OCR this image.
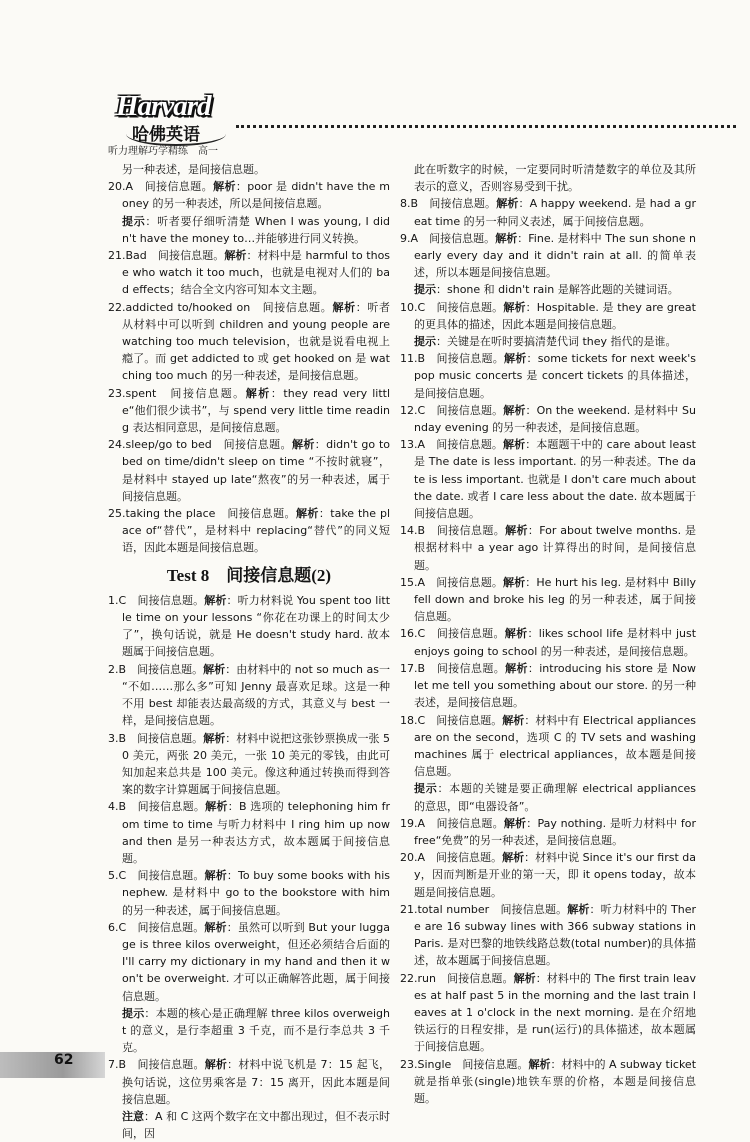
Harvard
哈佛英语
听力理解巧学精练　高一

另一种表述，是间接信息题。

20.A　 间接信息题。解析：poor 是 didn't have the money 的另一种表述，所以是间接信息题。

提示：听者要仔细听清楚 When I was young, I didn't have the money to…并能够进行同义转换。

21.Bad　 间接信息题。解析：材料中是 harmful to those who watch it too much，也就是电视对人们的 bad effects；结合全文内容可知本文主题。

22.addicted to/hooked on　 间接信息题。解析：听者从材料中可以听到 children and young people are watching too much television，也就是说看电视上瘾了。而 get addicted to 或 get hooked on 是 watching too much 的另一种表述，是间接信息题。

23.spent　 间接信息题。解析：they read very little“他们很少读书”，与 spend very little time reading 表达相同意思，是间接信息题。

24.sleep/go to bed　 间接信息题。解析：didn't go to bed on time/didn't sleep on time “不按时就寝”，是材料中 stayed up late“熬夜”的另一种表述，属于间接信息题。

25.taking the place　 间接信息题。解析：take the place of“替代”，是材料中 replacing“替代”的同义短语，因此本题是间接信息题。

Test 8　间接信息题(2)

1.C　 间接信息题。解析：听力材料说 You spent too little time on your lessons “你花在功课上的时间太少了”，换句话说，就是 He doesn't study hard. 故本题属于间接信息题。

2.B　 间接信息题。解析：由材料中的 not so much as一 “不如……那么多”可知 Jenny 最喜欢足球。这是一种不用 best 却能表达最高级的方式，其意义与 best 一样，是间接信息题。

3.B　 间接信息题。解析：材料中说把这张钞票换成一张 50 美元，两张 20 美元，一张 10 美元的零钱，由此可知加起来总共是 100 美元。像这种通过转换而得到答案的数字计算题属于间接信息题。

4.B　 间接信息题。解析：B 选项的 telephoning him from time to time 与听力材料中 I ring him up now and then 是另一种表达方式，故本题属于间接信息题。

5.C　 间接信息题。解析：To buy some books with his nephew. 是材料中 go to the bookstore with him 的另一种表述，属于间接信息题。

6.C　 间接信息题。解析：虽然可以听到 But your luggage is three kilos overweight，但还必须结合后面的 I'll carry my dictionary in my hand and then it won't be overweight. 才可以正确解答此题，属于间接信息题。

提示：本题的核心是正确理解 three kilos overweight 的意义，是行李超重 3 千克，而不是行李总共 3 千克。

7.B　 间接信息题。解析：材料中说飞机是 7：15 起飞，换句话说，这位男乘客是 7：15 离开，因此本题是间接信息题。

注意：A 和 C 这两个数字在文中都出现过，但不表示时间，因

此在听数字的时候，一定要同时听清楚数字的单位及其所表示的意义，否则容易受到干扰。

8.B　 间接信息题。解析：A happy weekend. 是 had a great time 的另一种同义表述，属于间接信息题。

9.A　 间接信息题。解析：Fine. 是材料中 The sun shone nearly every day and it didn't rain at all. 的简单表述，所以本题是间接信息题。

提示：shone 和 didn't rain 是解答此题的关键词语。

10.C　 间接信息题。解析：Hospitable. 是 they are great 的更具体的描述，因此本题是间接信息题。

提示：关键是在听时要搞清楚代词 they 指代的是谁。

11.B　 间接信息题。解析：some tickets for next week's pop music concerts 是 concert tickets 的具体描述，是间接信息题。

12.C　 间接信息题。解析：On the weekend. 是材料中 Sunday evening 的另一种表述，是间接信息题。

13.A　 间接信息题。解析：本题题干中的 care about least 是 The date is less important. 的另一种表述。The date is less important. 也就是 I don't care much about the date. 或者 I care less about the date. 故本题属于间接信息题。

14.B　 间接信息题。解析：For about twelve months. 是根据材料中 a year ago 计算得出的时间，是间接信息题。

15.A　 间接信息题。解析：He hurt his leg. 是材料中 Billy fell down and broke his leg 的另一种表述，属于间接信息题。

16.C　 间接信息题。解析：likes school life 是材料中 just enjoys going to school 的另一种表述，是间接信息题。

17.B　 间接信息题。解析：introducing his store 是 Now let me tell you something about our store. 的另一种表述，是间接信息题。

18.C　 间接信息题。解析：材料中有 Electrical appliances are on the second，选项 C 的 TV sets and washing machines 属于 electrical appliances，故本题是间接信息题。

提示：本题的关键是要正确理解 electrical appliances 的意思，即“电器设备”。

19.A　 间接信息题。解析：Pay nothing. 是听力材料中 for free“免费”的另一种表述，是间接信息题。

20.A　 间接信息题。解析：材料中说 Since it's our first day，因而判断是开业的第一天，即 it opens today，故本题是间接信息题。

21.total number　 间接信息题。解析：听力材料中的 There are 16 subway lines with 366 subway stations in Paris. 是对巴黎的地铁线路总数(total number)的具体描述，故本题属于间接信息题。

22.run　 间接信息题。解析：材料中的 The first train leaves at half past 5 in the morning and the last train leaves at 1 o'clock in the next morning. 是在介绍地铁运行的日程安排，是 run(运行)的具体描述，故本题属于间接信息题。

23.Single　 间接信息题。解析：材料中的 A subway ticket 就是指单张(single)地铁车票的价格，本题是间接信息题。

62
